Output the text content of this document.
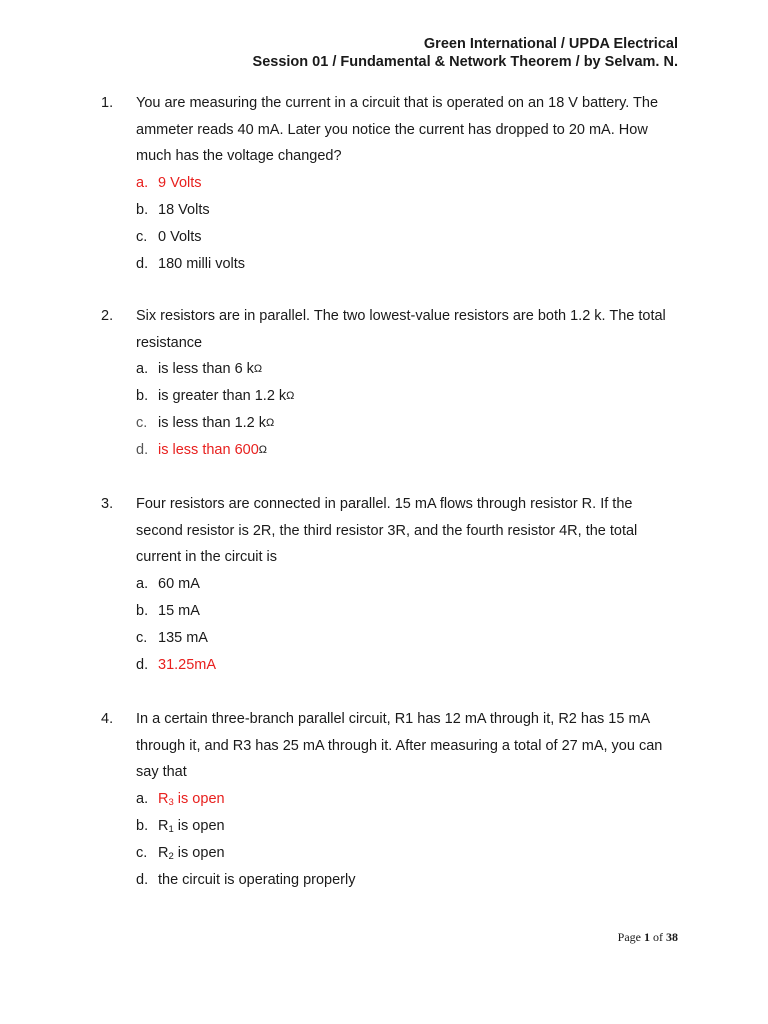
Green International / UPDA Electrical
Session 01 / Fundamental & Network Theorem / by Selvam. N.
1. You are measuring the current in a circuit that is operated on an 18 V battery. The ammeter reads 40 mA. Later you notice the current has dropped to 20 mA. How much has the voltage changed?
a. 9 Volts
b. 18 Volts
c. 0 Volts
d. 180 milli volts
2. Six resistors are in parallel. The two lowest-value resistors are both 1.2 k. The total resistance
a. is less than 6 k Ω
b. is greater than 1.2 k Ω
c. is less than 1.2 k Ω
d. is less than 600 Ω
3. Four resistors are connected in parallel. 15 mA flows through resistor R. If the second resistor is 2R, the third resistor 3R, and the fourth resistor 4R, the total current in the circuit is
a. 60 mA
b. 15 mA
c. 135 mA
d. 31.25mA
4. In a certain three-branch parallel circuit, R1 has 12 mA through it, R2 has 15 mA through it, and R3 has 25 mA through it. After measuring a total of 27 mA, you can say that
a. $R_3$ is open
b. $R_1$ is open
c. $R_2$ is open
d. the circuit is operating properly
Page 1 of 38
